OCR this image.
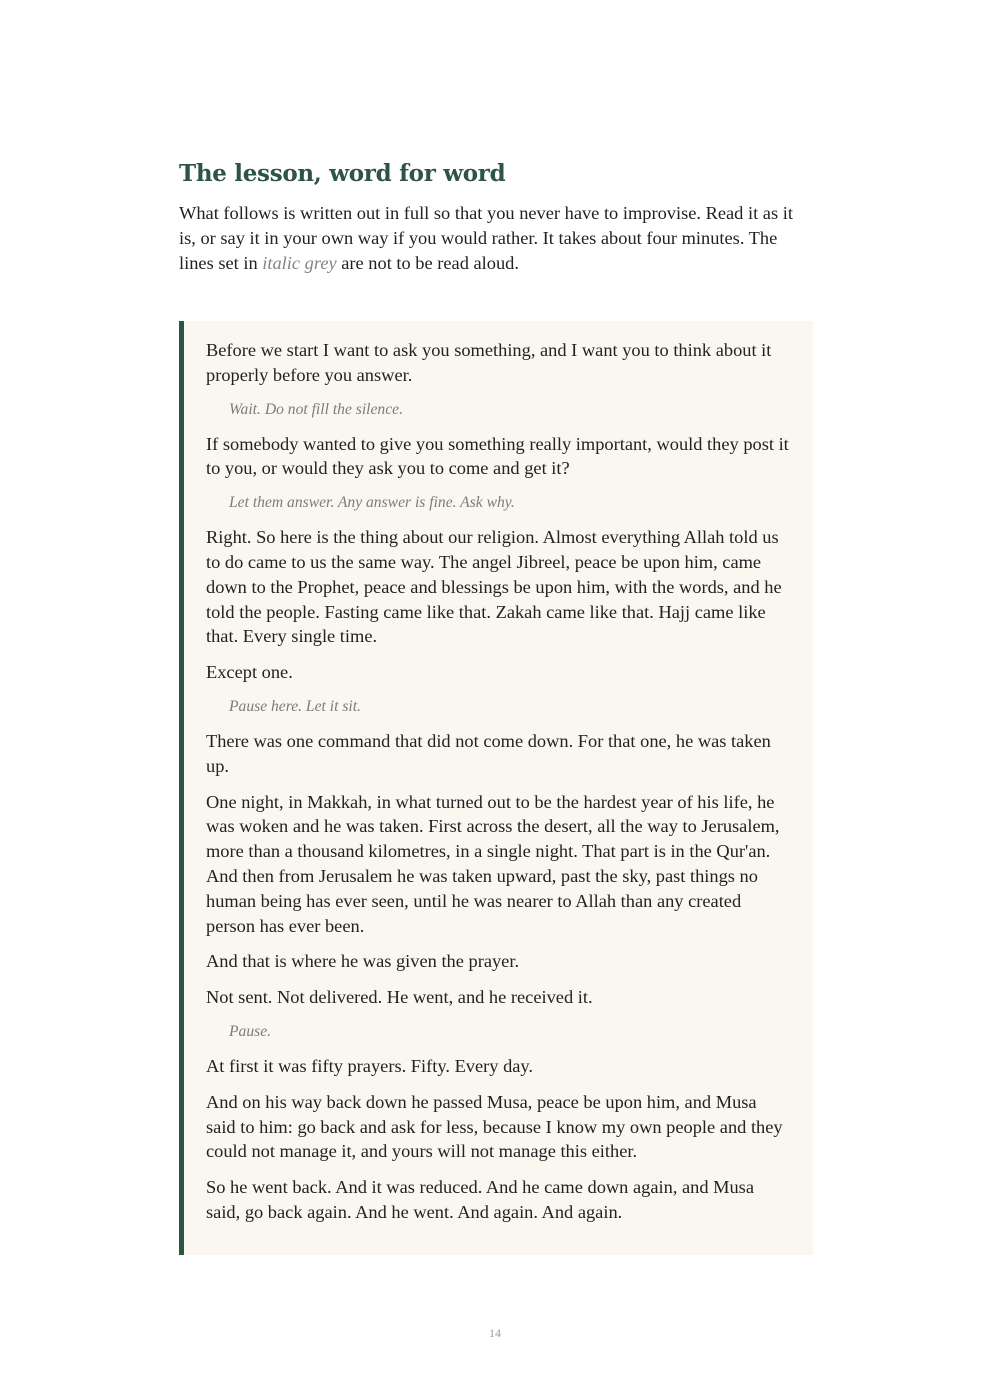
The lesson, word for word

What follows is written out in full so that you never have to improvise. Read it as it is, or say it in your own way if you would rather. It takes about four minutes. The lines set in italic grey are not to be read aloud.

Before we start I want to ask you something, and I want you to think about it properly before you answer.

Wait. Do not fill the silence.

If somebody wanted to give you something really important, would they post it to you, or would they ask you to come and get it?

Let them answer. Any answer is fine. Ask why.

Right. So here is the thing about our religion. Almost everything Allah told us to do came to us the same way. The angel Jibreel, peace be upon him, came down to the Prophet, peace and blessings be upon him, with the words, and he told the people. Fasting came like that. Zakah came like that. Hajj came like that. Every single time.

Except one.

Pause here. Let it sit.

There was one command that did not come down. For that one, he was taken up.

One night, in Makkah, in what turned out to be the hardest year of his life, he was woken and he was taken. First across the desert, all the way to Jerusalem, more than a thousand kilometres, in a single night. That part is in the Qur'an. And then from Jerusalem he was taken upward, past the sky, past things no human being has ever seen, until he was nearer to Allah than any created person has ever been.

And that is where he was given the prayer.

Not sent. Not delivered. He went, and he received it.

Pause.

At first it was fifty prayers. Fifty. Every day.

And on his way back down he passed Musa, peace be upon him, and Musa said to him: go back and ask for less, because I know my own people and they could not manage it, and yours will not manage this either.

So he went back. And it was reduced. And he came down again, and Musa said, go back again. And he went. And again. And again.

14
